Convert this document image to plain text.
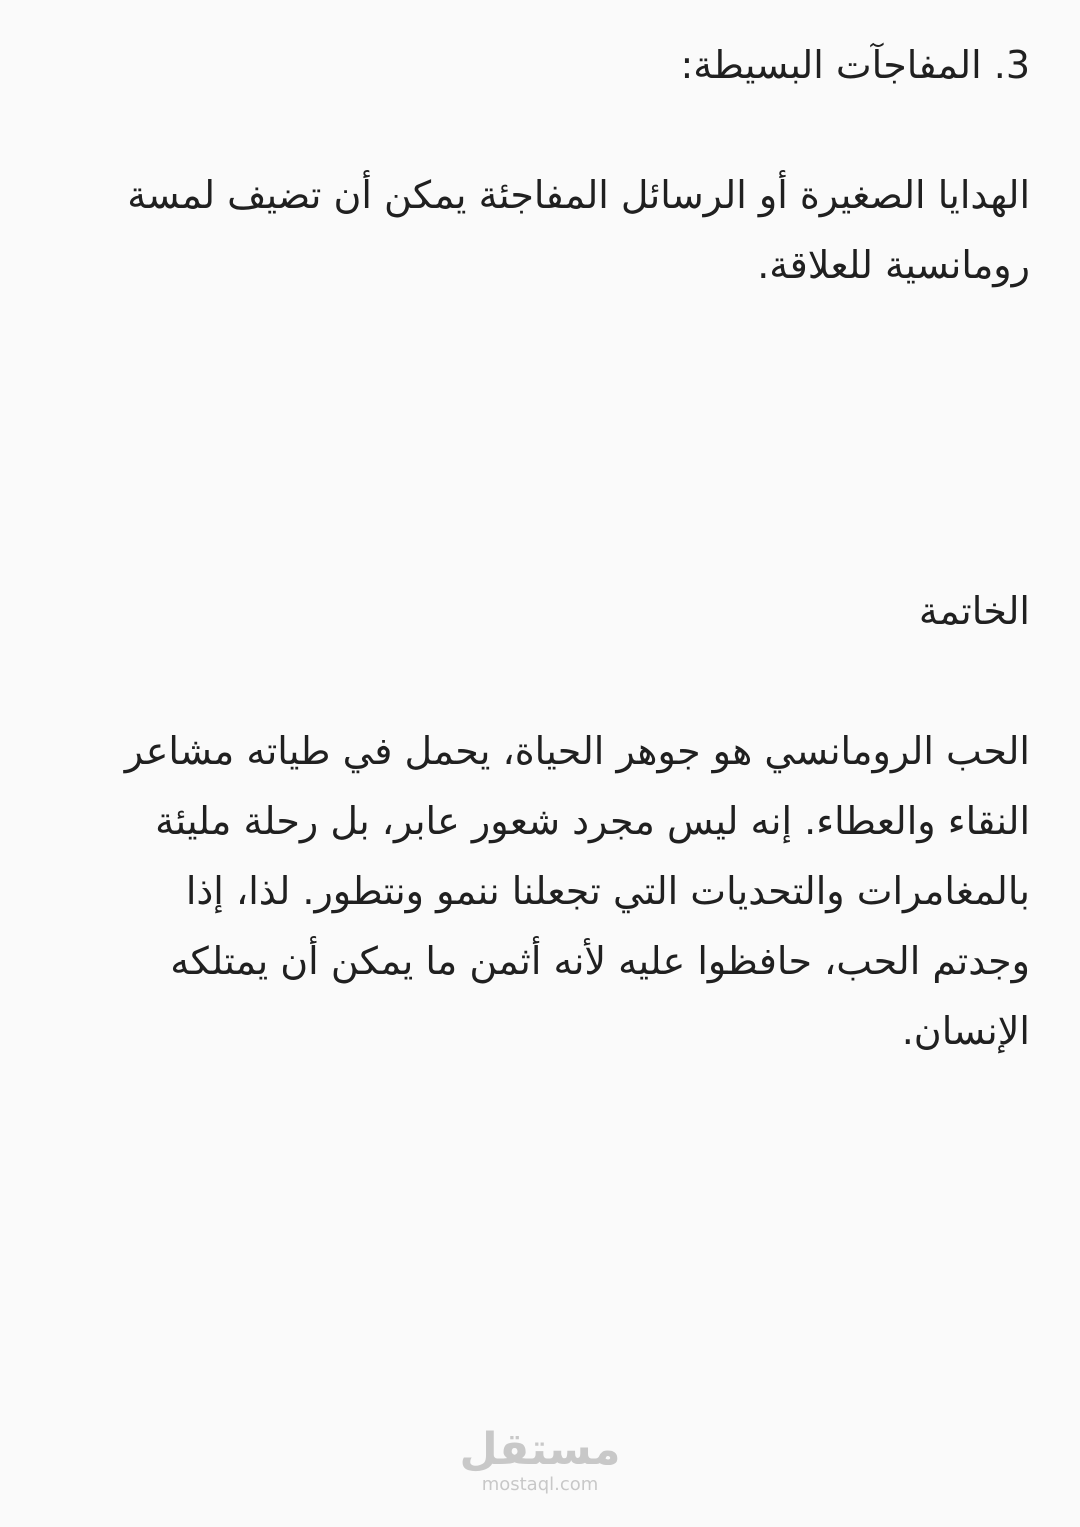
3. المفاجآت البسيطة:

الهدايا الصغيرة أو الرسائل المفاجئة يمكن أن تضيف لمسة رومانسية للعلاقة.

الخاتمة

الحب الرومانسي هو جوهر الحياة، يحمل في طياته مشاعر النقاء والعطاء. إنه ليس مجرد شعور عابر، بل رحلة مليئة بالمغامرات والتحديات التي تجعلنا ننمو ونتطور. لذا، إذا وجدتم الحب، حافظوا عليه لأنه أثمن ما يمكن أن يمتلكه الإنسان.

مستقل
mostaql.com
